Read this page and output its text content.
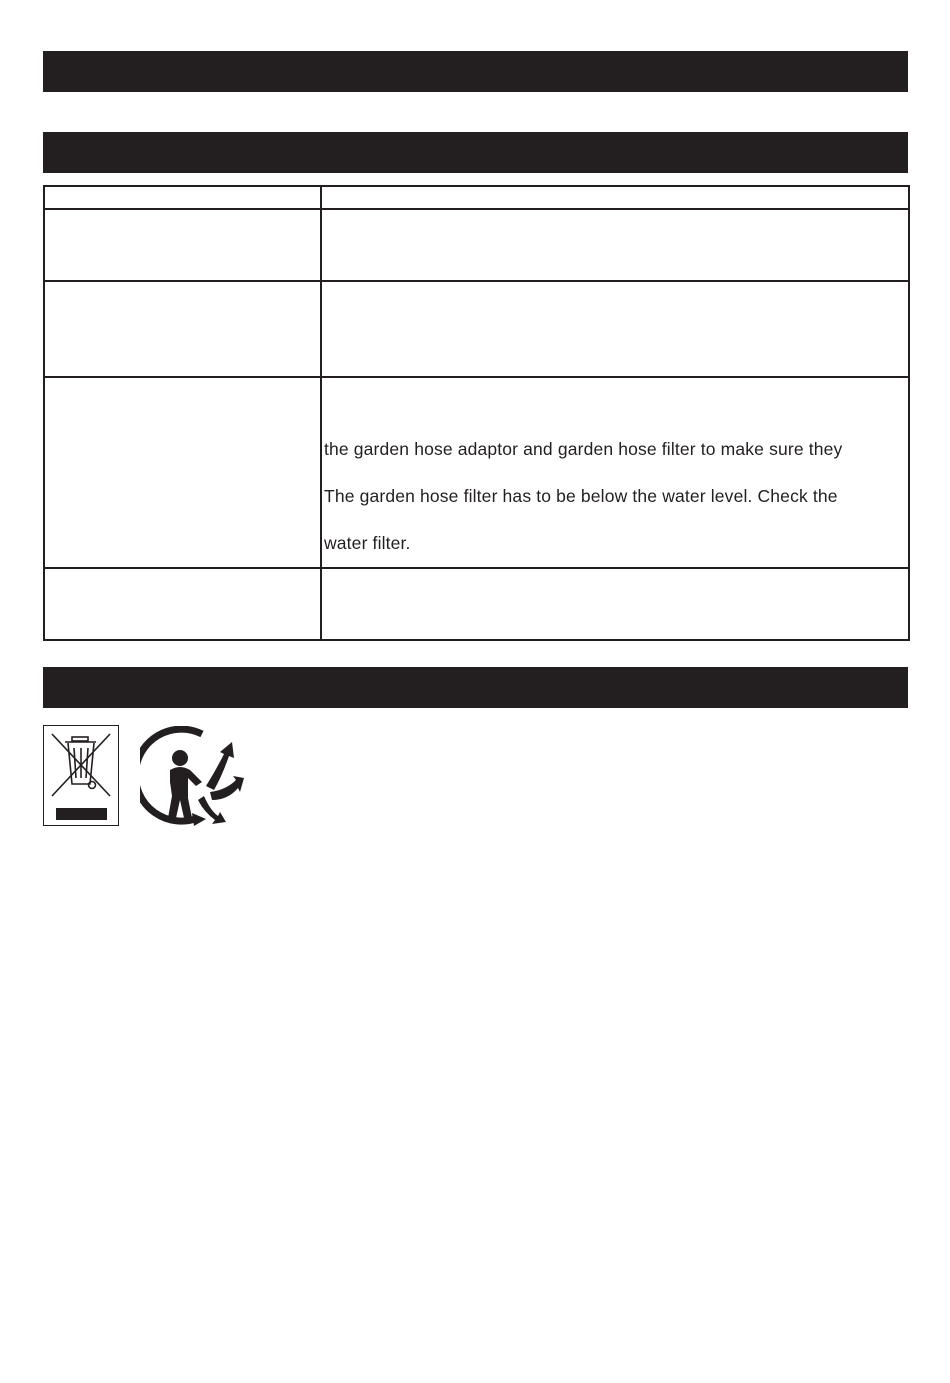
	the garden hose adaptor and garden hose filter to make sure they
The garden hose filter has to be below the water level. Check the
water filter.
